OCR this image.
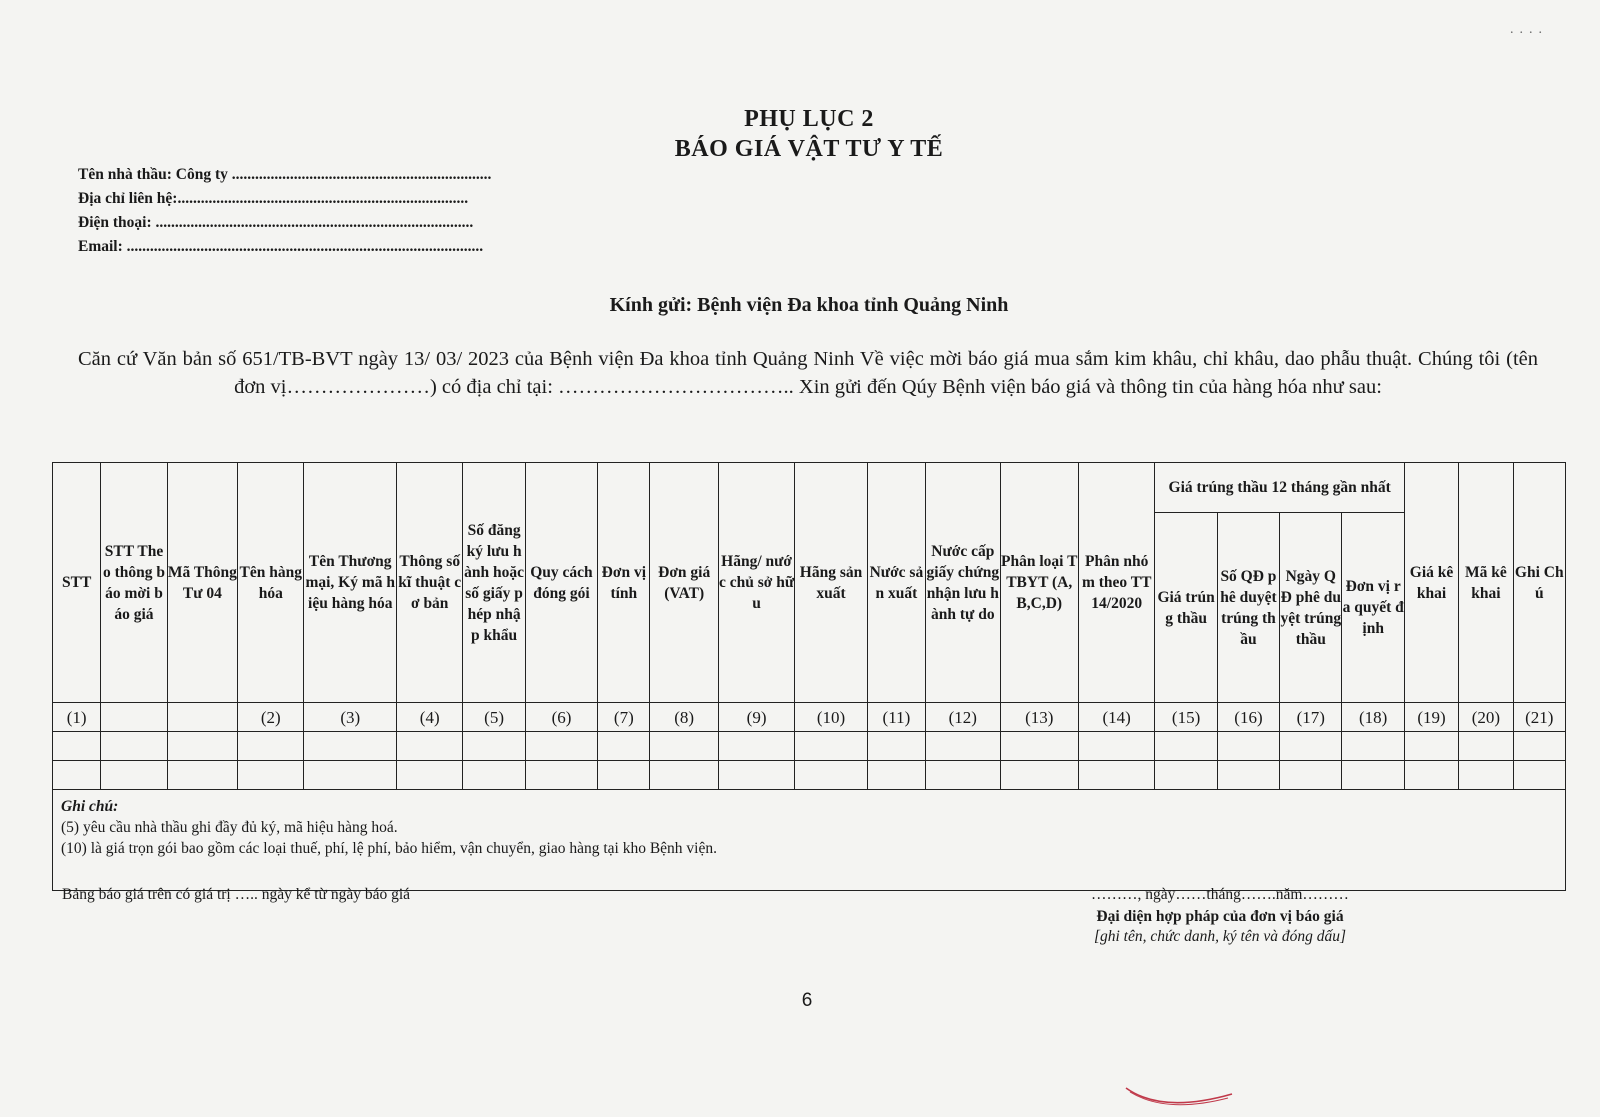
....
PHỤ LỤC 2
BÁO GIÁ VẬT TƯ Y TẾ
Tên nhà thầu: Công ty ...................................................................
Địa chỉ liên hệ:...........................................................................
Điện thoại: ..................................................................................
Email: ............................................................................................
Kính gửi: Bệnh viện Đa khoa tỉnh Quảng Ninh
Căn cứ Văn bản số 651/TB-BVT ngày 13/ 03/ 2023 của Bệnh viện Đa khoa tỉnh Quảng Ninh Về việc mời báo giá mua sắm kim khâu, chỉ khâu, dao phẫu thuật. Chúng tôi (tên đơn vị…………………) có địa chỉ tại: …………………………….. Xin gửi đến Qúy Bệnh viện báo giá và thông tin của hàng hóa như sau:
STT	STT Theo thông báo mời báo giá	Mã Thông Tư 04	Tên hàng hóa	Tên Thương mại, Ký mã hiệu hàng hóa	Thông số kĩ thuật cơ bản	Số đăng ký lưu hành hoặc số giấy phép nhập khẩu	Quy cách đóng gói	Đơn vị tính	Đơn giá (VAT)	Hãng/ nước chủ sở hữu	Hãng sản xuất	Nước sản xuất	Nước cấp giấy chứng nhận lưu hành tự do	Phân loại TTBYT (A,B,C,D)	Phân nhóm theo TT 14/2020	Giá trúng thầu 12 tháng gần nhất				Giá kê khai	Mã kê khai	Ghi Chú
																Giá trúng thầu	Số QĐ phê duyệt trúng thầu	Ngày QĐ phê duyệt trúng thầu	Đơn vị ra quyết định			
(1)			(2)	(3)	(4)	(5)	(6)	(7)	(8)	(9)	(10)	(11)	(12)	(13)	(14)	(15)	(16)	(17)	(18)	(19)	(20)	(21)

Ghi chú:
(5) yêu cầu nhà thầu ghi đầy đủ ký, mã hiệu hàng hoá.
(10) là giá trọn gói bao gồm các loại thuế, phí, lệ phí, bảo hiểm, vận chuyển, giao hàng tại kho Bệnh viện.																						
Bảng báo giá trên có giá trị ….. ngày kể từ ngày báo giá	………, ngày……tháng…….năm………
Đại diện hợp pháp của đơn vị báo giá
[ghi tên, chức danh, ký tên và đóng dấu]
6
